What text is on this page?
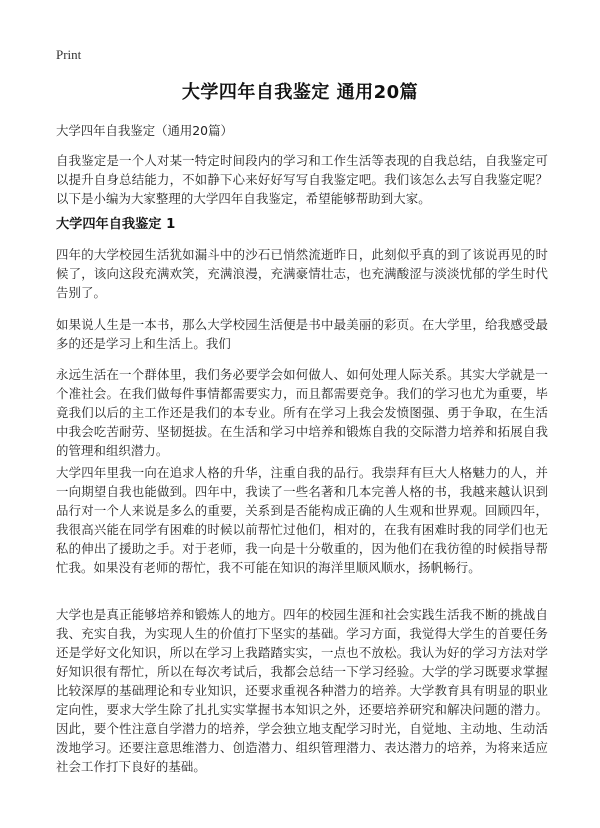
Print
大学四年自我鉴定 通用20篇

大学四年自我鉴定（通用20篇）

自我鉴定是一个人对某一特定时间段内的学习和工作生活等表现的自我总结，自我鉴定可以提升自身总结能力，不如静下心来好好写写自我鉴定吧。我们该怎么去写自我鉴定呢？以下是小编为大家整理的大学四年自我鉴定，希望能够帮助到大家。

大学四年自我鉴定 1

四年的大学校园生活犹如漏斗中的沙石已悄然流逝昨日，此刻似乎真的到了该说再见的时候了，该向这段充满欢笑，充满浪漫，充满豪情壮志，也充满酸涩与淡淡忧郁的学生时代告别了。

如果说人生是一本书，那么大学校园生活便是书中最美丽的彩页。在大学里，给我感受最多的还是学习上和生活上。我们

永远生活在一个群体里，我们务必要学会如何做人、如何处理人际关系。其实大学就是一个准社会。在我们做每件事情都需要实力，而且都需要竞争。我们的学习也尤为重要，毕竟我们以后的主工作还是我们的本专业。所有在学习上我会发愤图强、勇于争取，在生活中我会吃苦耐劳、坚韧挺拔。在生活和学习中培养和锻炼自我的交际潜力培养和拓展自我的管理和组织潜力。

大学四年里我一向在追求人格的升华，注重自我的品行。我崇拜有巨大人格魅力的人，并一向期望自我也能做到。四年中，我读了一些名著和几本完善人格的书，我越来越认识到品行对一个人来说是多么的重要，关系到是否能构成正确的人生观和世界观。回顾四年，我很高兴能在同学有困难的时候以前帮忙过他们，相对的，在我有困难时我的同学们也无私的伸出了援助之手。对于老师，我一向是十分敬重的，因为他们在我彷徨的时候指导帮忙我。如果没有老师的帮忙，我不可能在知识的海洋里顺风顺水，扬帆畅行。

大学也是真正能够培养和锻炼人的地方。四年的校园生涯和社会实践生活我不断的挑战自我、充实自我，为实现人生的价值打下坚实的基础。学习方面，我觉得大学生的首要任务还是学好文化知识，所以在学习上我踏踏实实，一点也不放松。我认为好的学习方法对学好知识很有帮忙，所以在每次考试后，我都会总结一下学习经验。大学的学习既要求掌握比较深厚的基础理论和专业知识，还要求重视各种潜力的培养。大学教育具有明显的职业定向性，要求大学生除了扎扎实实掌握书本知识之外，还要培养研究和解决问题的潜力。因此，要个性注意自学潜力的培养，学会独立地支配学习时光，自觉地、主动地、生动活泼地学习。还要注意思维潜力、创造潜力、组织管理潜力、表达潜力的培养，为将来适应社会工作打下良好的基础。
